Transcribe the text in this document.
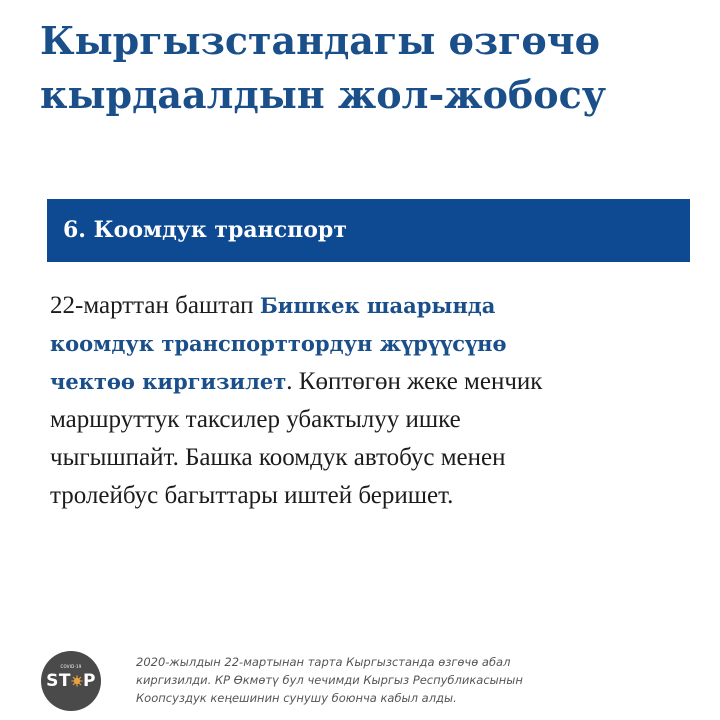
Кыргызстандагы өзгөчө
кырдаалдын жол-жобосу
6. Коомдук транспорт

22-марттан баштап Бишкек шаарында
коомдук транспорттордун жүрүүсүнө
чектөө киргизилет. Көптөгөн жеке менчик
маршруттук таксилер убактылуу ишке
чыгышпайт. Башка коомдук автобус менен
тролейбус багыттары иштей беришет.

COVID-19
ST P

2020-жылдын 22-мартынан тарта Кыргызстанда өзгөчө абал
киргизилди. КР Өкмөтү бул чечимди Кыргыз Республикасынын
Коопсуздук кеңешинин сунушу боюнча кабыл алды.
